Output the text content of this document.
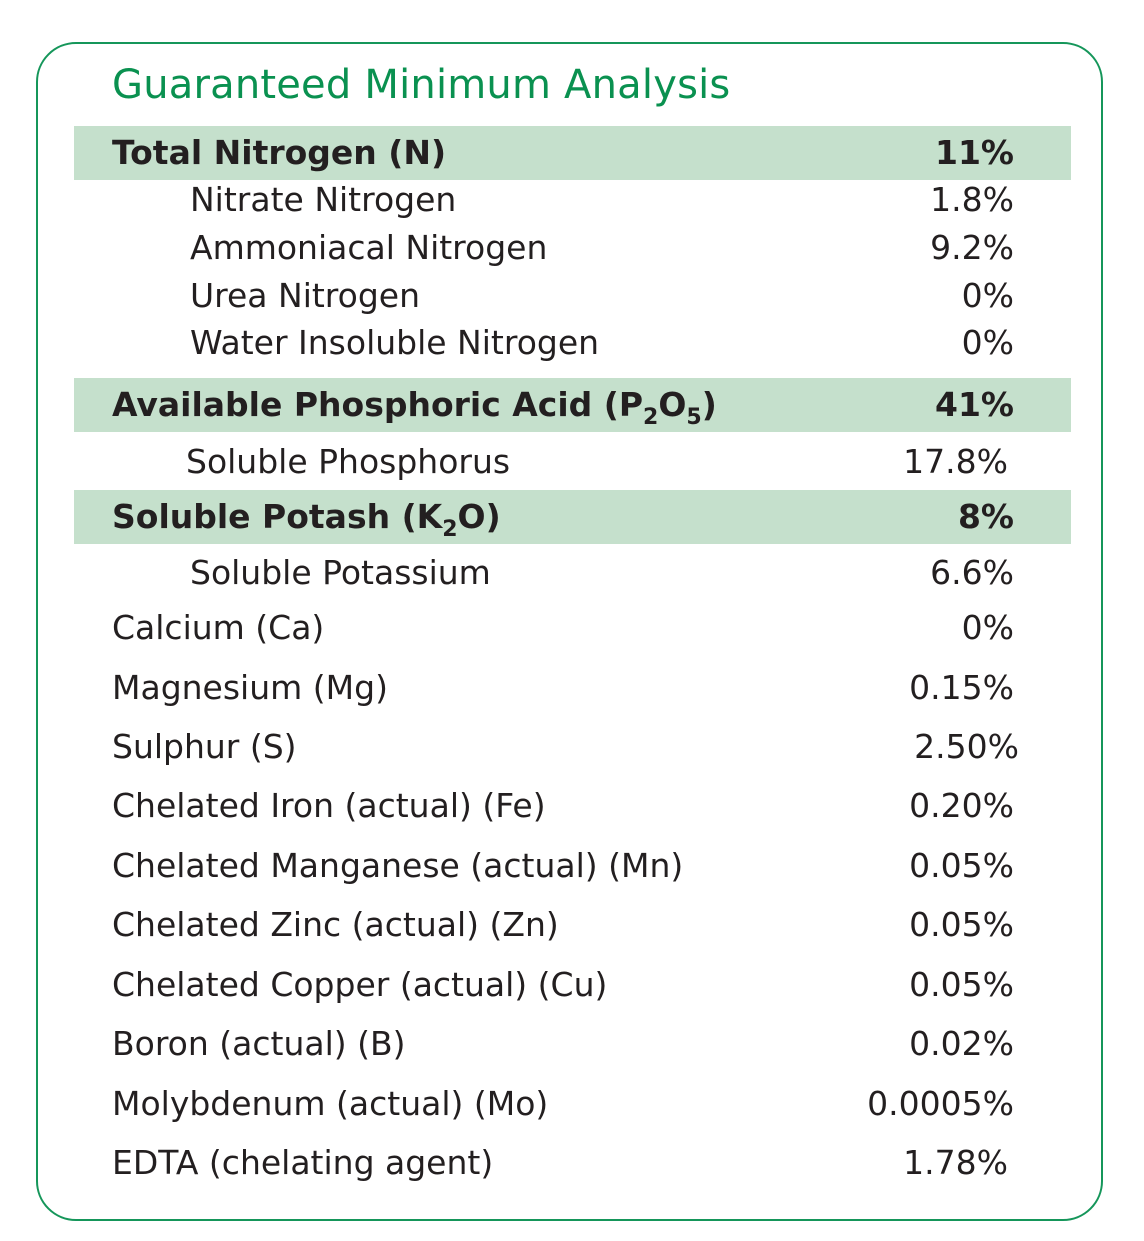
Guaranteed Minimum Analysis
Total Nitrogen (N)	11%
Nitrate Nitrogen	1.8%
Ammoniacal Nitrogen	9.2%
Urea Nitrogen	0%
Water Insoluble Nitrogen	0%
Available Phosphoric Acid $(P_2O_5)$	41%
Soluble Phosphorus	17.8%
Soluble Potash $(K_2O)$	8%
Soluble Potassium	6.6%
Calcium (Ca)	0%
Magnesium (Mg)	0.15%
Sulphur (S)	2.50%
Chelated Iron (actual) (Fe)	0.20%
Chelated Manganese (actual) (Mn)	0.05%
Chelated Zinc (actual) (Zn)	0.05%
Chelated Copper (actual) (Cu)	0.05%
Boron (actual) (B)	0.02%
Molybdenum (actual) (Mo)	0.0005%
EDTA (chelating agent)	1.78%
